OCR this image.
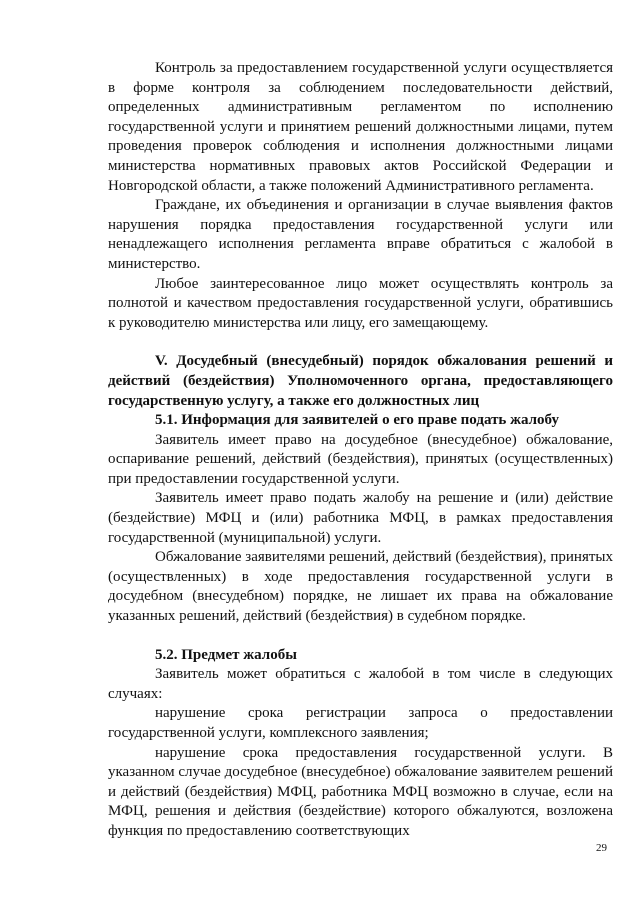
Контроль за предоставлением государственной услуги осуществляется в форме контроля за соблюдением последовательности действий, определенных административным регламентом по исполнению государственной услуги и принятием решений должностными лицами, путем проведения проверок соблюдения и исполнения должностными лицами министерства нормативных правовых актов Российской Федерации и Новгородской области, а также положений Административного регламента.

Граждане, их объединения и организации в случае выявления фактов нарушения порядка предоставления государственной услуги или ненадлежащего исполнения регламента вправе обратиться с жалобой в министерство.

Любое заинтересованное лицо может осуществлять контроль за полнотой и качеством предоставления государственной услуги, обратившись к руководителю министерства или лицу, его замещающему.

V. Досудебный (внесудебный) порядок обжалования решений и действий (бездействия) Уполномоченного органа, предоставляющего государственную услугу, а также его должностных лиц
5.1. Информация для заявителей о его праве подать жалобу

Заявитель имеет право на досудебное (внесудебное) обжалование, оспаривание решений, действий (бездействия), принятых (осуществленных) при предоставлении государственной услуги.

Заявитель имеет право подать жалобу на решение и (или) действие (бездействие) МФЦ и (или) работника МФЦ, в рамках предоставления государственной (муниципальной) услуги.

Обжалование заявителями решений, действий (бездействия), принятых (осуществленных) в ходе предоставления государственной услуги в досудебном (внесудебном) порядке, не лишает их права на обжалование указанных решений, действий (бездействия) в судебном порядке.

5.2. Предмет жалобы

Заявитель может обратиться с жалобой в том числе в следующих случаях:

нарушение срока регистрации запроса о предоставлении государственной услуги, комплексного заявления;

нарушение срока предоставления государственной услуги. В указанном случае досудебное (внесудебное) обжалование заявителем решений и действий (бездействия) МФЦ, работника МФЦ возможно в случае, если на МФЦ, решения и действия (бездействие) которого обжалуются, возложена функция по предоставлению соответствующих

29
